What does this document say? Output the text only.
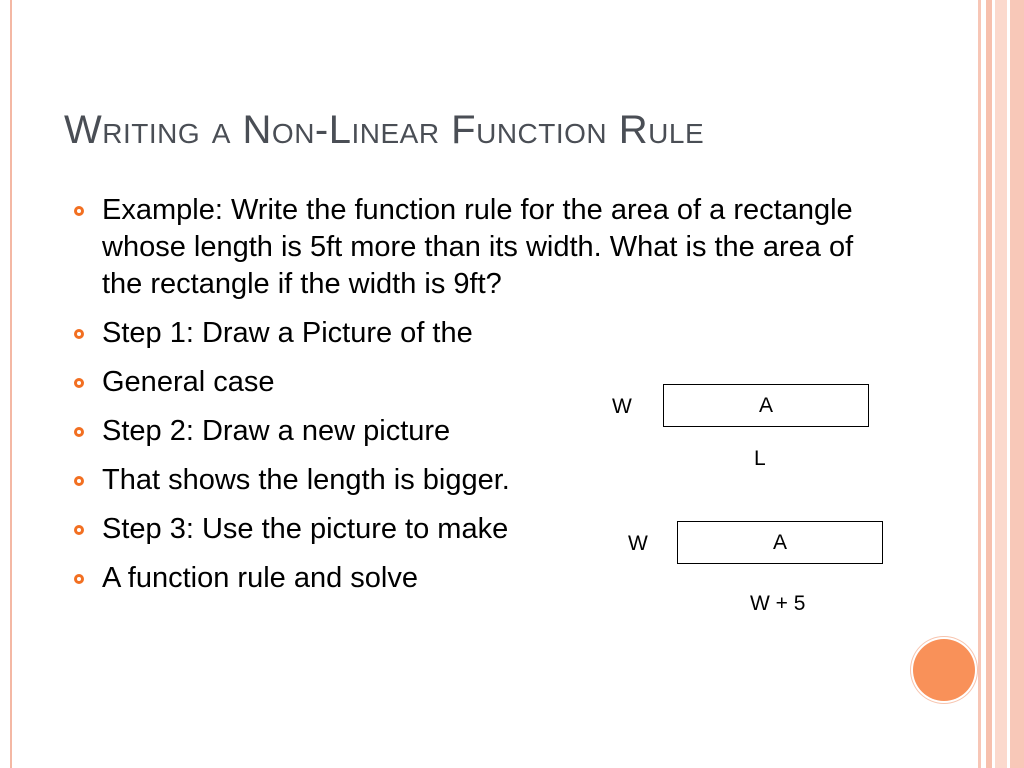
Writing a Non-Linear Function Rule
Example: Write the function rule for the area of a rectangle whose length is 5ft more than its width. What is the area of the rectangle if the width is 9ft?
Step 1: Draw a Picture of the
General case
Step 2: Draw a new picture
That shows the length is bigger.
Step 3: Use the picture to make
A function rule and solve
W	A
L
W	A
W + 5
